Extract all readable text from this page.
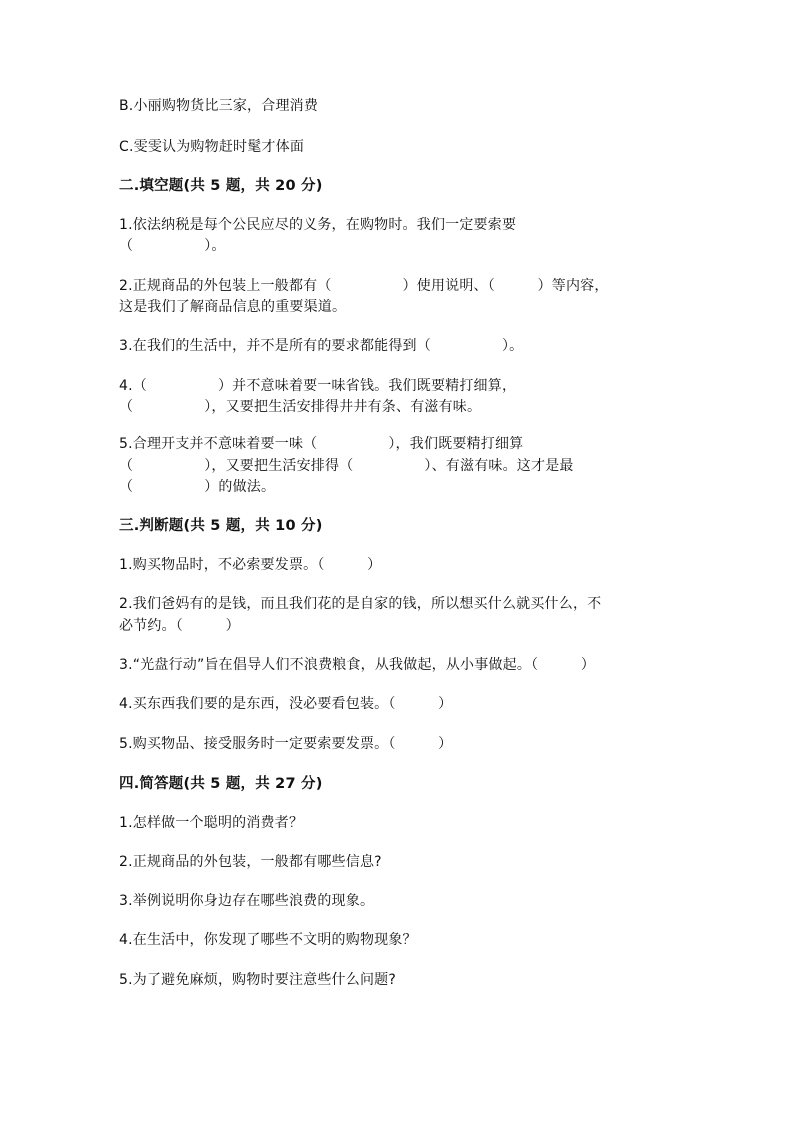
B.小丽购物货比三家，合理消费
C.雯雯认为购物赶时髦才体面
二.填空题(共 5 题，共 20 分)
1.依法纳税是每个公民应尽的义务，在购物时。我们一定要索要
（　　　　　）。
2.正规商品的外包装上一般都有（　　　　　）使用说明、（　　　）等内容，
这是我们了解商品信息的重要渠道。
3.在我们的生活中，并不是所有的要求都能得到（　　　　　）。
4.（　　　　　）并不意味着要一味省钱。我们既要精打细算，
（　　　　　），又要把生活安排得井井有条、有滋有味。
5.合理开支并不意味着要一味（　　　　　），我们既要精打细算
（　　　　　），又要把生活安排得（　　　　　）、有滋有味。这才是最
（　　　　　）的做法。
三.判断题(共 5 题，共 10 分)
1.购买物品时，不必索要发票。（　　　）
2.我们爸妈有的是钱，而且我们花的是自家的钱，所以想买什么就买什么，不
必节约。（　　　）
3.“光盘行动”旨在倡导人们不浪费粮食，从我做起，从小事做起。（　　　）
4.买东西我们要的是东西，没必要看包装。（　　　）
5.购买物品、接受服务时一定要索要发票。（　　　）
四.简答题(共 5 题，共 27 分)
1.怎样做一个聪明的消费者？
2.正规商品的外包装，一般都有哪些信息?
3.举例说明你身边存在哪些浪费的现象。
4.在生活中，你发现了哪些不文明的购物现象？
5.为了避免麻烦，购物时要注意些什么问题?
